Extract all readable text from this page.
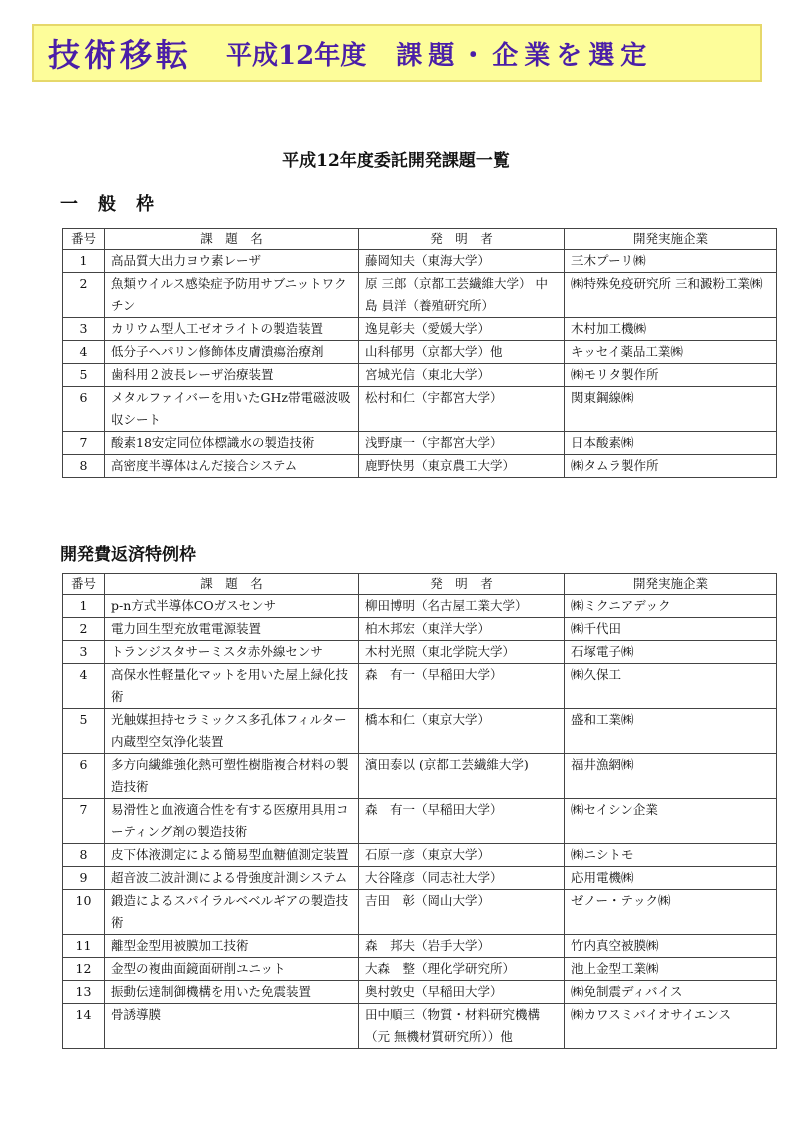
技術移転 平成12年度 課題・企業を選定
平成12年度委託開発課題一覧
一般枠
番号	課　題　名	発　明　者	開発実施企業
1	高品質大出力ヨウ素レーザ	藤岡知夫（東海大学）	三木プーリ㈱
2	魚類ウイルス感染症予防用サブニットワクチン	原 三郎（京都工芸繊維大学） 中島 員洋（養殖研究所）	㈱特殊免疫研究所 三和澱粉工業㈱
3	カリウム型人工ゼオライトの製造装置	逸見彰夫（愛媛大学）	木村加工機㈱
4	低分子ヘパリン修飾体皮膚潰瘍治療剤	山科郁男（京都大学）他	キッセイ薬品工業㈱
5	歯科用２波長レーザ治療装置	宮城光信（東北大学）	㈱モリタ製作所
6	メタルファイバーを用いたGHz帯電磁波吸収シート	松村和仁（宇都宮大学）	関東鋼線㈱
7	酸素18安定同位体標識水の製造技術	浅野康一（宇都宮大学）	日本酸素㈱
8	高密度半導体はんだ接合システム	鹿野快男（東京農工大学）	㈱タムラ製作所
開発費返済特例枠
番号	課　題　名	発　明　者	開発実施企業
1	p-n方式半導体COガスセンサ	柳田博明（名古屋工業大学）	㈱ミクニアデック
2	電力回生型充放電電源装置	柏木邦宏（東洋大学）	㈱千代田
3	トランジスタサーミスタ赤外線センサ	木村光照（東北学院大学）	石塚電子㈱
4	高保水性軽量化マットを用いた屋上緑化技術	森　有一（早稲田大学）	㈱久保工
5	光触媒担持セラミックス多孔体フィルター内蔵型空気浄化装置	橋本和仁（東京大学）	盛和工業㈱
6	多方向繊維強化熱可塑性樹脂複合材料の製造技術	濱田泰以 (京都工芸繊維大学)	福井漁網㈱
7	易滑性と血液適合性を有する医療用具用コーティング剤の製造技術	森　有一（早稲田大学）	㈱セイシン企業
8	皮下体液測定による簡易型血糖値測定装置	石原一彦（東京大学）	㈱ニシトモ
9	超音波二波計測による骨強度計測システム	大谷隆彦（同志社大学）	応用電機㈱
10	鍛造によるスパイラルベベルギアの製造技術	吉田　彰（岡山大学）	ゼノー・テック㈱
11	離型金型用被膜加工技術	森　邦夫（岩手大学）	竹内真空被膜㈱
12	金型の複曲面鏡面研削ユニット	大森　整（理化学研究所）	池上金型工業㈱
13	振動伝達制御機構を用いた免震装置	奥村敦史（早稲田大学）	㈱免制震ディバイス
14	骨誘導膜	田中順三（物質・材料研究機構（元 無機材質研究所））他	㈱カワスミバイオサイエンス
